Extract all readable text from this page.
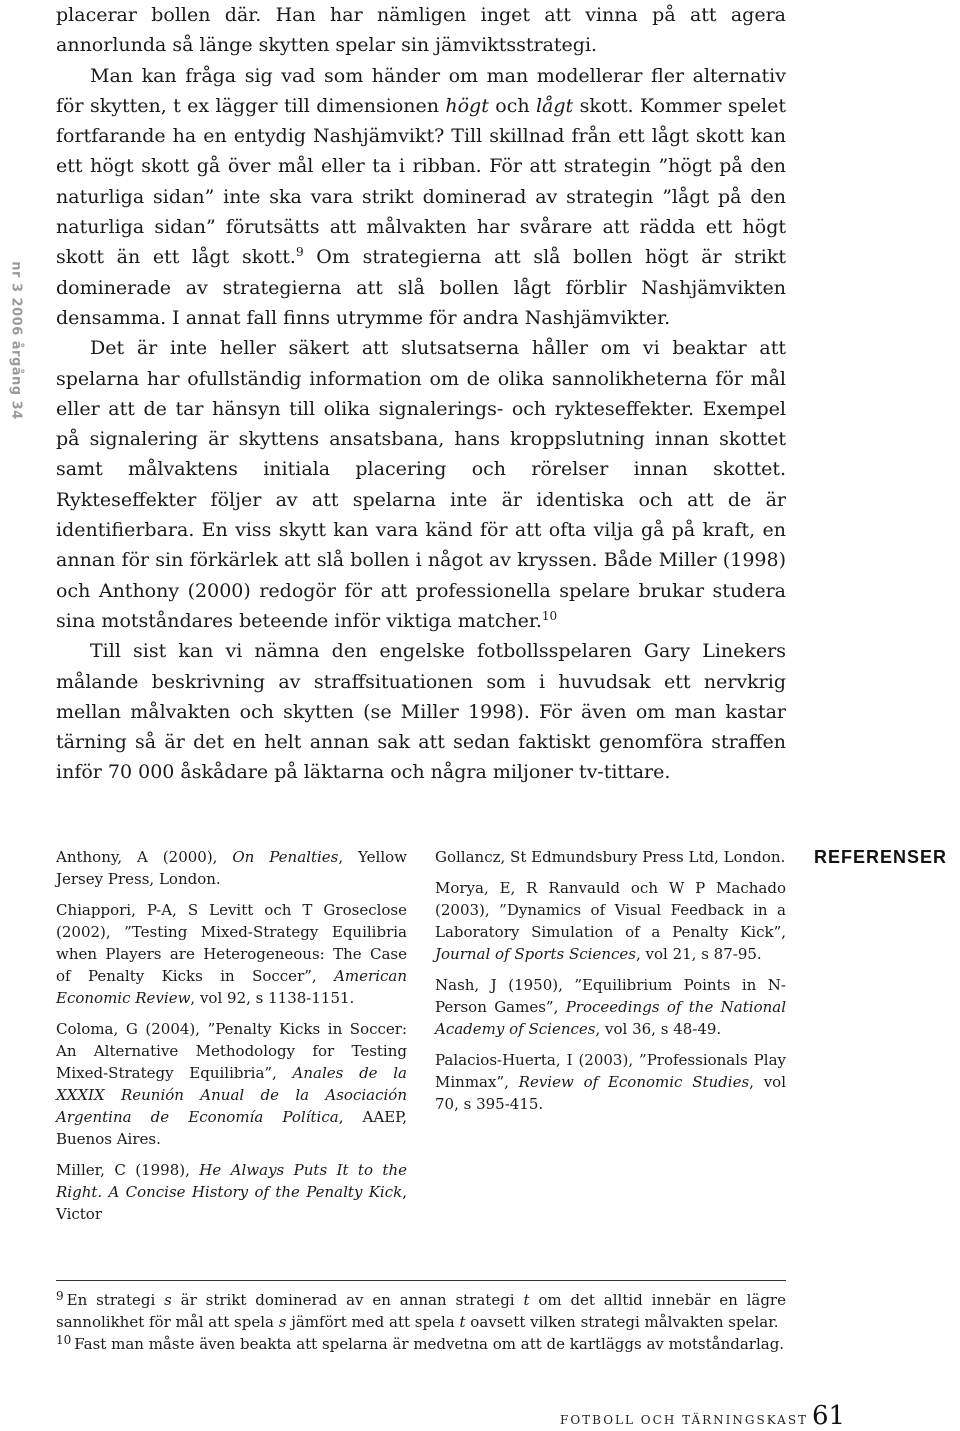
nr 3 2006 årgång 34

placerar bollen där. Han har nämligen inget att vinna på att agera annorlunda så länge skytten spelar sin jämviktsstrategi.

Man kan fråga sig vad som händer om man modellerar fler alternativ för skytten, t ex lägger till dimensionen högt och lågt skott. Kommer spelet fortfarande ha en entydig Nashjämvikt? Till skillnad från ett lågt skott kan ett högt skott gå över mål eller ta i ribban. För att strategin ”högt på den naturliga sidan” inte ska vara strikt dominerad av strategin ”lågt på den naturliga sidan” förutsätts att målvakten har svårare att rädda ett högt skott än ett lågt skott.$^9$ Om strategierna att slå bollen högt är strikt dominerade av strategierna att slå bollen lågt förblir Nashjämvikten densamma. I annat fall finns utrymme för andra Nashjämvikter.

Det är inte heller säkert att slutsatserna håller om vi beaktar att spelarna har ofullständig information om de olika sannolikheterna för mål eller att de tar hänsyn till olika signalerings- och rykteseffekter. Exempel på signalering är skyttens ansatsbana, hans kroppslutning innan skottet samt målvaktens initiala placering och rörelser innan skottet. Rykteseffekter följer av att spelarna inte är identiska och att de är identifierbara. En viss skytt kan vara känd för att ofta vilja gå på kraft, en annan för sin förkärlek att slå bollen i något av kryssen. Både Miller (1998) och Anthony (2000) redogör för att professionella spelare brukar studera sina motståndares beteende inför viktiga matcher.$^{10}$

Till sist kan vi nämna den engelske fotbollsspelaren Gary Linekers målande beskrivning av straffsituationen som i huvudsak ett nervkrig mellan målvakten och skytten (se Miller 1998). För även om man kastar tärning så är det en helt annan sak att sedan faktiskt genomföra straffen inför 70 000 åskådare på läktarna och några miljoner tv-tittare.

REFERENSER

Anthony, A (2000), On Penalties, Yellow Jersey Press, London.

Chiappori, P-A, S Levitt och T Groseclose (2002), ”Testing Mixed-Strategy Equilibria when Players are Heterogeneous: The Case of Penalty Kicks in Soccer”, American Economic Review, vol 92, s 1138-1151.

Coloma, G (2004), ”Penalty Kicks in Soccer: An Alternative Methodology for Testing Mixed-Strategy Equilibria”, Anales de la XXXIX Reunión Anual de la Asociación Argentina de Economía Política, AAEP, Buenos Aires.

Miller, C (1998), He Always Puts It to the Right. A Concise History of the Penalty Kick, Victor

Gollancz, St Edmundsbury Press Ltd, London.

Morya, E, R Ranvauld och W P Machado (2003), ”Dynamics of Visual Feedback in a Laboratory Simulation of a Penalty Kick”, Journal of Sports Sciences, vol 21, s 87-95.

Nash, J (1950), ”Equilibrium Points in N-Person Games”, Proceedings of the National Academy of Sciences, vol 36, s 48-49.

Palacios-Huerta, I (2003), ”Professionals Play Minmax”, Review of Economic Studies, vol 70, s 395-415.

$^9$ En strategi s är strikt dominerad av en annan strategi t om det alltid innebär en lägre sannolikhet för mål att spela s jämfört med att spela t oavsett vilken strategi målvakten spelar.

$^{10}$ Fast man måste även beakta att spelarna är medvetna om att de kartläggs av motståndarlag.

FOTBOLL OCH TÄRNINGSKAST 61
